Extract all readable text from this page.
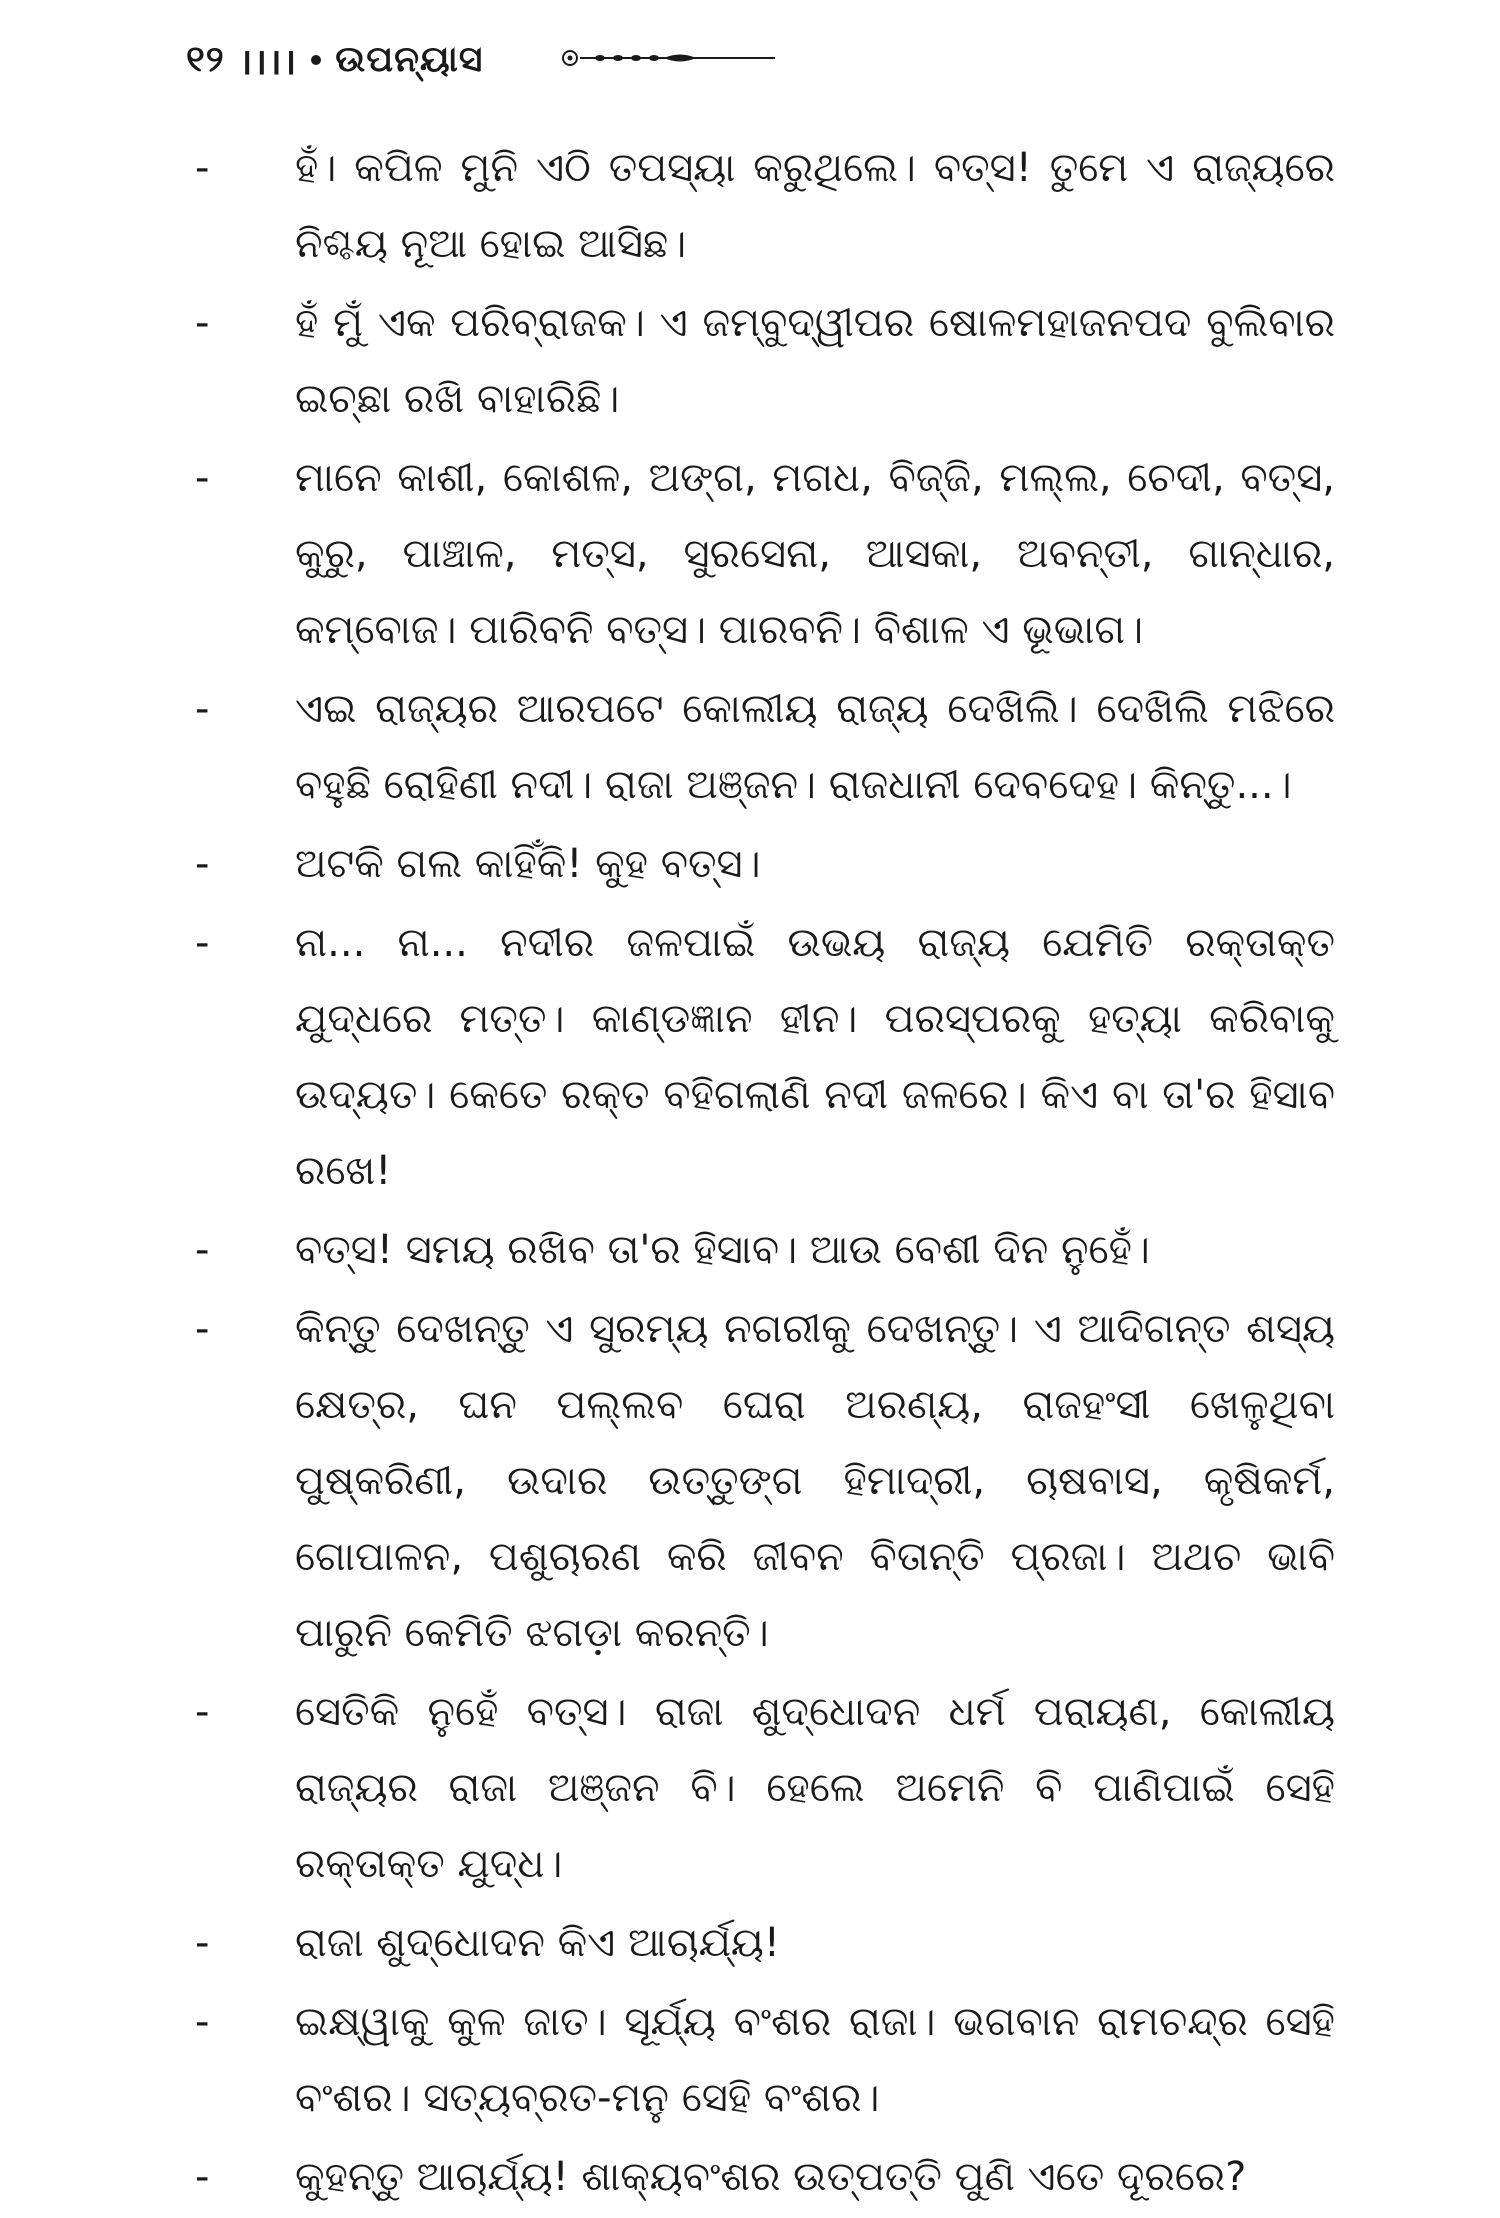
୧୨ ।।।। ଉପନ୍ୟାସ
-	ହଁ। କପିଳ ମୁନି ଏଠି ତପସ୍ୟା କରୁଥିଲେ। ବତ୍ସ! ତୁମେ ଏ ରାଜ୍ୟରେ ନିଶ୍ଚୟ ନୂଆ ହୋଇ ଆସିଛ।
-	ହଁ ମୁଁ ଏକ ପରିବ୍ରାଜକ। ଏ ଜମ୍ବୁଦ୍ୱୀପର ଷୋଳମହାଜନପଦ ବୁଲିବାର ଇଚ୍ଛା ରଖି ବାହାରିଛି।
-	ମାନେ କାଶୀ, କୋଶଳ, ଅଙ୍ଗ, ମଗଧ, ବିଜ୍ଜି, ମଲ୍ଲ, ଚେଦୀ, ବତ୍ସ, କୁରୁ, ପାଞ୍ଚାଳ, ମତ୍ସ, ସୁରସେନା, ଆସକା, ଅବନ୍ତୀ, ଗାନ୍ଧାର, କମ୍ବୋଜ। ପାରିବନି ବତ୍ସ। ପାରବନି। ବିଶାଳ ଏ ଭୂଭାଗ।
-	ଏଇ ରାଜ୍ୟର ଆରପଟେ କୋଲୀୟ ରାଜ୍ୟ ଦେଖିଲି। ଦେଖିଲି ମଝିରେ ବହୁଛି ରୋହିଣୀ ନଦୀ। ରାଜା ଅଞ୍ଜନ। ରାଜଧାନୀ ଦେବଦେହ। କିନ୍ତୁ...।
-	ଅଟକି ଗଲ କାହିଁକି! କୁହ ବତ୍ସ।
-	ନା... ନା... ନଦୀର ଜଳପାଇଁ ଉଭୟ ରାଜ୍ୟ ଯେମିତି ରକ୍ତାକ୍ତ ଯୁଦ୍ଧରେ ମତ୍ତ। କାଣ୍ଡଜ୍ଞାନ ହୀନ। ପରସ୍ପରକୁ ହତ୍ୟା କରିବାକୁ ଉଦ୍ୟତ। କେତେ ରକ୍ତ ବହିଗଲାଣି ନଦୀ ଜଳରେ। କିଏ ବା ତା'ର ହିସାବ ରଖେ!
-	ବତ୍ସ! ସମୟ ରଖିବ ତା'ର ହିସାବ। ଆଉ ବେଶୀ ଦିନ ନୁହେଁ।
-	କିନ୍ତୁ ଦେଖନ୍ତୁ ଏ ସୁରମ୍ୟ ନଗରୀକୁ ଦେଖନ୍ତୁ। ଏ ଆଦିଗନ୍ତ ଶସ୍ୟ କ୍ଷେତ୍ର, ଘନ ପଲ୍ଲବ ଘେରା ଅରଣ୍ୟ, ରାଜହଂସୀ ଖେଳୁଥିବା ପୁଷ୍କରିଣୀ, ଉଦାର ଉତ୍ତୁଙ୍ଗ ହିମାଦ୍ରୀ, ଚାଷବାସ, କୃଷିକର୍ମ, ଗୋପାଳନ, ପଶୁଚାରଣ କରି ଜୀବନ ବିତାନ୍ତି ପ୍ରଜା। ଅଥଚ ଭାବି ପାରୁନି କେମିତି ଝଗଡ଼ା କରନ୍ତି।
-	ସେତିକି ନୁହେଁ ବତ୍ସ। ରାଜା ଶୁଦ୍ଧୋଦନ ଧର୍ମ ପରାୟଣ, କୋଲୀୟ ରାଜ୍ୟର ରାଜା ଅଞ୍ଜନ ବି। ହେଲେ ଅମେନି ବି ପାଣିପାଇଁ ସେହି ରକ୍ତାକ୍ତ ଯୁଦ୍ଧ।
-	ରାଜା ଶୁଦ୍ଧୋଦନ କିଏ ଆଚାର୍ଯ୍ୟ!
-	ଇକ୍ଷ୍ୱାକୁ କୁଳ ଜାତ। ସୂର୍ଯ୍ୟ ବଂଶର ରାଜା। ଭଗବାନ ରାମଚନ୍ଦ୍ର ସେହି ବଂଶର। ସତ୍ୟବ୍ରତ-ମନୁ ସେହି ବଂଶର।
-	କୁହନ୍ତୁ ଆଚାର୍ଯ୍ୟ! ଶାକ୍ୟବଂଶର ଉତ୍ପତ୍ତି ପୁଣି ଏତେ ଦୂରରେ?
